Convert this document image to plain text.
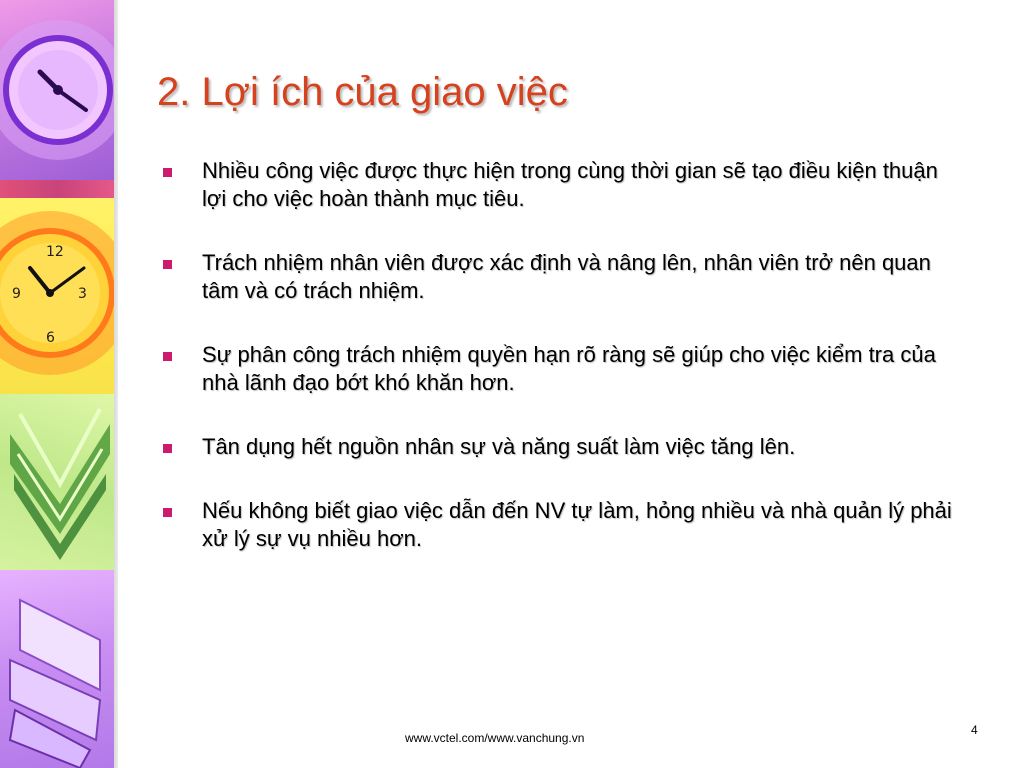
12
3
6
9
2. Lợi ích của giao việc
Nhiều công việc được thực hiện trong cùng thời gian sẽ tạo điều kiện thuận lợi cho việc hoàn thành mục tiêu.
Trách nhiệm nhân viên được xác định và nâng lên, nhân viên trở nên quan tâm và có trách nhiệm.
Sự phân công trách nhiệm quyền hạn rõ ràng sẽ giúp cho việc kiểm tra của nhà lãnh đạo bớt khó khăn hơn.
Tân dụng hết nguồn nhân sự và năng suất làm việc tăng lên.
Nếu không biết giao việc dẫn đến NV tự làm, hỏng nhiều và nhà quản lý phải xử lý sự vụ nhiều hơn.
www.vctel.com/www.vanchung.vn
4
